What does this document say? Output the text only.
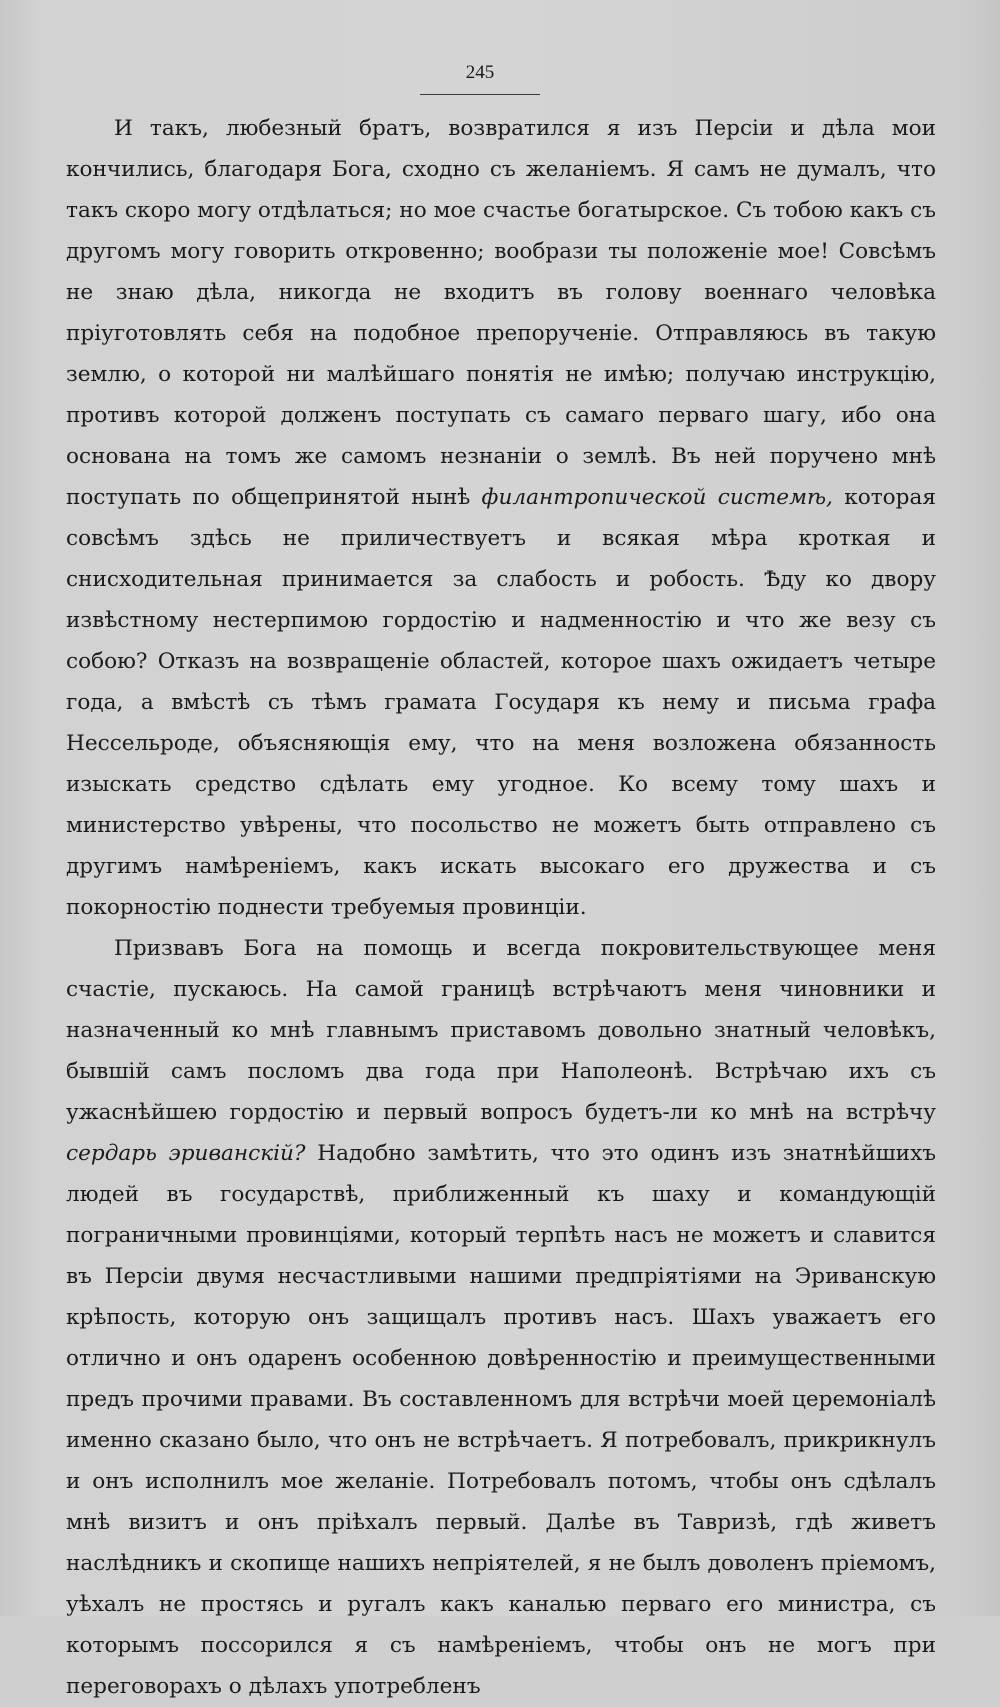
245

И такъ, любезный братъ, возвратился я изъ Персіи и дѣла мои кончились, благодаря Бога, сходно съ желаніемъ. Я самъ не думалъ, что такъ скоро могу отдѣлаться; но мое счастье богатырское. Съ тобою какъ съ другомъ могу говорить откровенно; вообрази ты положеніе мое! Совсѣмъ не знаю дѣла, никогда не входитъ въ голову военнаго человѣка пріуготовлять себя на подобное препорученіе. Отправляюсь въ такую землю, о которой ни малѣйшаго понятія не имѣю; получаю инструкцію, противъ которой долженъ поступать съ самаго перваго шагу, ибо она основана на томъ же самомъ незнаніи о землѣ. Въ ней поручено мнѣ поступать по общепринятой нынѣ филантропической системѣ, которая совсѣмъ здѣсь не приличествуетъ и всякая мѣра кроткая и снисходительная принимается за слабость и робость. Ѣду ко двору извѣстному нестерпимою гордостію и надменностію и что же везу съ собою? Отказъ на возвращеніе областей, которое шахъ ожидаетъ четыре года, а вмѣстѣ съ тѣмъ грамата Государя къ нему и письма графа Нессельроде, объясняющія ему, что на меня возложена обязанность изыскать средство сдѣлать ему угодное. Ко всему тому шахъ и министерство увѣрены, что посольство не можетъ быть отправлено съ другимъ намѣреніемъ, какъ искать высокаго его дружества и съ покорностію поднести требуемыя провинціи.

Призвавъ Бога на помощь и всегда покровительствующее меня счастіе, пускаюсь. На самой границѣ встрѣчаютъ меня чиновники и назначенный ко мнѣ главнымъ приставомъ довольно знатный человѣкъ, бывшій самъ посломъ два года при Наполеонѣ. Встрѣчаю ихъ съ ужаснѣйшею гордостію и первый вопросъ будетъ-ли ко мнѣ на встрѣчу сердарь эриванскій? Надобно замѣтить, что это одинъ изъ знатнѣйшихъ людей въ государствѣ, приближенный къ шаху и командующій пограничными провинціями, который терпѣть насъ не можетъ и славится въ Персіи двумя несчастливыми нашими предпріятіями на Эриванскую крѣпость, которую онъ защищалъ противъ насъ. Шахъ уважаетъ его отлично и онъ одаренъ особенною довѣренностію и преимущественными предъ прочими правами. Въ составленномъ для встрѣчи моей церемоніалѣ именно сказано было, что онъ не встрѣчаетъ. Я потребовалъ, прикрикнулъ и онъ исполнилъ мое желаніе. Потребовалъ потомъ, чтобы онъ сдѣлалъ мнѣ визитъ и онъ пріѣхалъ первый. Далѣе въ Тавризѣ, гдѣ живетъ наслѣдникъ и скопище нашихъ непріятелей, я не былъ доволенъ пріемомъ, уѣхалъ не простясь и ругалъ какъ каналью перваго его министра, съ которымъ поссорился я съ намѣреніемъ, чтобы онъ не могъ при переговорахъ о дѣлахъ употребленъ
